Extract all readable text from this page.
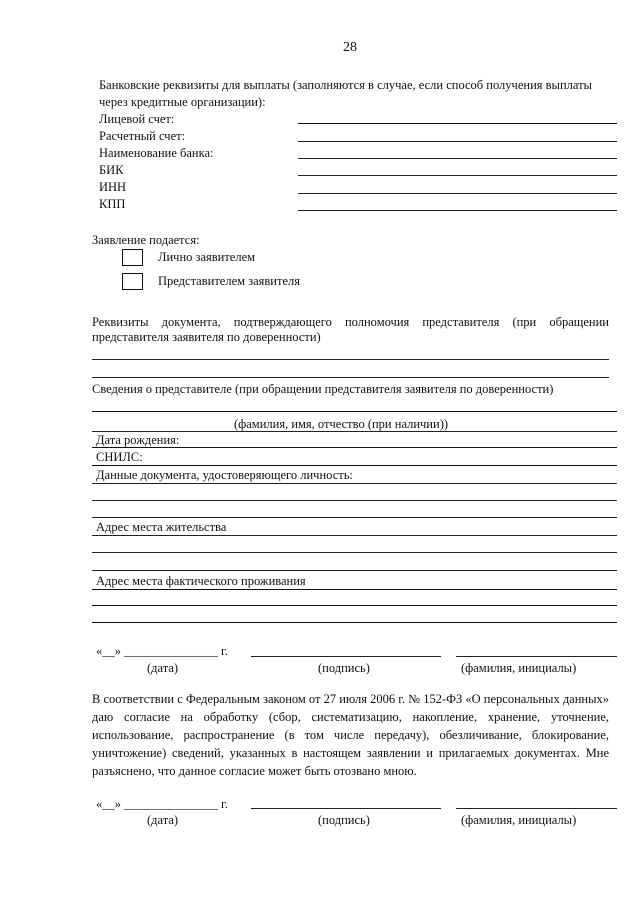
28
Банковские реквизиты для выплаты (заполняются в случае, если способ получения выплаты
через кредитные организации):
Лицевой счет:
Расчетный счет:
Наименование банка:
БИК
ИНН
КПП
Заявление подается:
Лично заявителем
Представителем заявителя
Реквизиты документа, подтверждающего полномочия представителя (при обращении
представителя заявителя по доверенности)
Сведения о представителе (при обращении представителя заявителя по доверенности)
(фамилия, имя, отчество (при наличии))
Дата рождения:
СНИЛС:
Данные документа, удостоверяющего личность:
Адрес места жительства
Адрес места фактического проживания
«__» _______________ г.
(дата)	(подпись)	(фамилия, инициалы)
В соответствии с Федеральным законом от 27 июля 2006 г. № 152-ФЗ «О персональных данных» даю согласие на обработку (сбор, систематизацию, накопление, хранение, уточнение, использование, распространение (в том числе передачу), обезличивание, блокирование, уничтожение) сведений, указанных в настоящем заявлении и прилагаемых документах. Мне разъяснено, что данное согласие может быть отозвано мною.
«__» _______________ г.
(дата)	(подпись)	(фамилия, инициалы)
